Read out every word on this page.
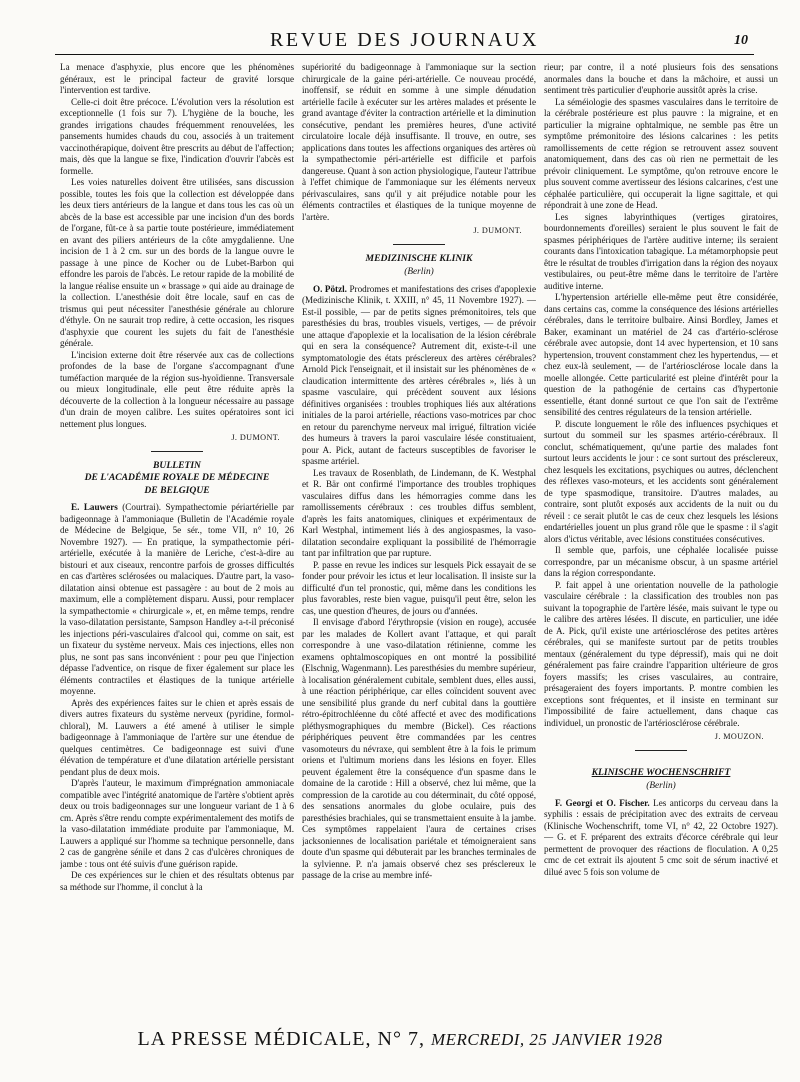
REVUE DES JOURNAUX	10

La menace d'asphyxie, plus encore que les phénomènes généraux, est le principal facteur de gravité lorsque l'intervention est tardive.

Celle-ci doit être précoce. L'évolution vers la résolution est exceptionnelle (1 fois sur 7). L'hygiène de la bouche, les grandes irrigations chaudes fréquemment renouvelées, les pansements humides chauds du cou, associés à un traitement vaccinothérapique, doivent être prescrits au début de l'affection; mais, dès que la langue se fixe, l'indication d'ouvrir l'abcès est formelle.

Les voies naturelles doivent être utilisées, sans discussion possible, toutes les fois que la collection est développée dans les deux tiers antérieurs de la langue et dans tous les cas où un abcès de la base est accessible par une incision d'un des bords de l'organe, fût-ce à sa partie toute postérieure, immédiatement en avant des piliers antérieurs de la côte amygdalienne. Une incision de 1 à 2 cm. sur un des bords de la langue ouvre le passage à une pince de Kocher ou de Lubet-Barbon qui effondre les parois de l'abcès. Le retour rapide de la mobilité de la langue réalise ensuite un « brassage » qui aide au drainage de la collection. L'anesthésie doit être locale, sauf en cas de trismus qui peut nécessiter l'anesthésie générale au chlorure d'éthyle. On ne saurait trop redire, à cette occasion, les risques d'asphyxie que courent les sujets du fait de l'anesthésie générale.

L'incision externe doit être réservée aux cas de collections profondes de la base de l'organe s'accompagnant d'une tuméfaction marquée de la région sus-hyoïdienne. Transversale ou mieux longitudinale, elle peut être réduite après la découverte de la collection à la longueur nécessaire au passage d'un drain de moyen calibre. Les suites opératoires sont ici nettement plus longues.

J. DUMONT.
BULLETIN
DE L'ACADÉMIE ROYALE DE MÉDECINE
DE BELGIQUE

E. Lauwers (Courtrai). Sympathectomie périartérielle par badigeonnage à l'ammoniaque (Bulletin de l'Académie royale de Médecine de Belgique, 5e sér., tome VII, n° 10, 26 Novembre 1927). — En pratique, la sympathectomie péri-artérielle, exécutée à la manière de Leriche, c'est-à-dire au bistouri et aux ciseaux, rencontre parfois de grosses difficultés en cas d'artères sclérosées ou malaciques. D'autre part, la vaso-dilatation ainsi obtenue est passagère : au bout de 2 mois au maximum, elle a complètement disparu. Aussi, pour remplacer la sympathectomie « chirurgicale », et, en même temps, rendre la vaso-dilatation persistante, Sampson Handley a-t-il préconisé les injections péri-vasculaires d'alcool qui, comme on sait, est un fixateur du système nerveux. Mais ces injections, elles non plus, ne sont pas sans inconvénient : pour peu que l'injection dépasse l'adventice, on risque de fixer également sur place les éléments contractiles et élastiques de la tunique artérielle moyenne.

Après des expériences faites sur le chien et après essais de divers autres fixateurs du système nerveux (pyridine, formol-chloral), M. Lauwers a été amené à utiliser le simple badigeonnage à l'ammoniaque de l'artère sur une étendue de quelques centimètres. Ce badigeonnage est suivi d'une élévation de température et d'une dilatation artérielle persistant pendant plus de deux mois.

D'après l'auteur, le maximum d'imprégnation ammoniacale compatible avec l'intégrité anatomique de l'artère s'obtient après deux ou trois badigeonnages sur une longueur variant de 1 à 6 cm. Après s'être rendu compte expérimentalement des motifs de la vaso-dilatation immédiate produite par l'ammoniaque, M. Lauwers a appliqué sur l'homme sa technique personnelle, dans 2 cas de gangrène sénile et dans 2 cas d'ulcères chroniques de jambe : tous ont été suivis d'une guérison rapide.

De ces expériences sur le chien et des résultats obtenus par sa méthode sur l'homme, il conclut à la

supériorité du badigeonnage à l'ammoniaque sur la section chirurgicale de la gaine péri-artérielle. Ce nouveau procédé, inoffensif, se réduit en somme à une simple dénudation artérielle facile à exécuter sur les artères malades et présente le grand avantage d'éviter la contraction artérielle et la diminution consécutive, pendant les premières heures, d'une activité circulatoire locale déjà insuffisante. Il trouve, en outre, ses applications dans toutes les affections organiques des artères où la sympathectomie péri-artérielle est difficile et parfois dangereuse. Quant à son action physiologique, l'auteur l'attribue à l'effet chimique de l'ammoniaque sur les éléments nerveux périvasculaires, sans qu'il y ait préjudice notable pour les éléments contractiles et élastiques de la tunique moyenne de l'artère.

J. DUMONT.
MEDIZINISCHE KLINIK
(Berlin)

O. Pötzl. Prodromes et manifestations des crises d'apoplexie (Medizinische Klinik, t. XXIII, n° 45, 11 Novembre 1927). — Est-il possible, — par de petits signes prémonitoires, tels que paresthésies du bras, troubles visuels, vertiges, — de prévoir une attaque d'apoplexie et la localisation de la lésion cérébrale qui en sera la conséquence? Autrement dit, existe-t-il une symptomatologie des états présclereux des artères cérébrales? Arnold Pick l'enseignait, et il insistait sur les phénomènes de « claudication intermittente des artères cérébrales », liés à un spasme vasculaire, qui précèdent souvent aux lésions définitives organisées : troubles trophiques liés aux altérations initiales de la paroi artérielle, réactions vaso-motrices par choc en retour du parenchyme nerveux mal irrigué, filtration viciée des humeurs à travers la paroi vasculaire lésée constituaient, pour A. Pick, autant de facteurs susceptibles de favoriser le spasme artériel.

Les travaux de Rosenblath, de Lindemann, de K. Westphal et R. Bär ont confirmé l'importance des troubles trophiques vasculaires diffus dans les hémorragies comme dans les ramollissements cérébraux : ces troubles diffus semblent, d'après les faits anatomiques, cliniques et expérimentaux de Karl Westphal, intimement liés à des angiospasmes, la vaso-dilatation secondaire expliquant la possibilité de l'hémorragie tant par infiltration que par rupture.

P. passe en revue les indices sur lesquels Pick essayait de se fonder pour prévoir les ictus et leur localisation. Il insiste sur la difficulté d'un tel pronostic, qui, même dans les conditions les plus favorables, reste bien vague, puisqu'il peut être, selon les cas, une question d'heures, de jours ou d'années.

Il envisage d'abord l'érythropsie (vision en rouge), accusée par les malades de Kollert avant l'attaque, et qui paraît correspondre à une vaso-dilatation rétinienne, comme les examens ophtalmoscopiques en ont montré la possibilité (Elschnig, Wagenmann). Les paresthésies du membre supérieur, à localisation généralement cubitale, semblent dues, elles aussi, à une réaction périphérique, car elles coïncident souvent avec une sensibilité plus grande du nerf cubital dans la gouttière rétro-épitrochléenne du côté affecté et avec des modifications pléthysmographiques du membre (Bickel). Ces réactions périphériques peuvent être commandées par les centres vasomoteurs du névraxe, qui semblent être à la fois le primum oriens et l'ultimum moriens dans les lésions en foyer. Elles peuvent également être la conséquence d'un spasme dans le domaine de la carotide : Hill a observé, chez lui même, que la compression de la carotide au cou déterminait, du côté opposé, des sensations anormales du globe oculaire, puis des paresthésies brachiales, qui se transmettaient ensuite à la jambe. Ces symptômes rappelaient l'aura de certaines crises jacksoniennes de localisation pariétale et témoigneraient sans doute d'un spasme qui débuterait par les branches terminales de la sylvienne. P. n'a jamais observé chez ses présclereux le passage de la crise au membre infé-

rieur; par contre, il a noté plusieurs fois des sensations anormales dans la bouche et dans la mâchoire, et aussi un sentiment très particulier d'euphorie aussitôt après la crise.

La séméiologie des spasmes vasculaires dans le territoire de la cérébrale postérieure est plus pauvre : la migraine, et en particulier la migraine ophtalmique, ne semble pas être un symptôme prémonitoire des lésions calcarines : les petits ramollissements de cette région se retrouvent assez souvent anatomiquement, dans des cas où rien ne permettait de les prévoir cliniquement. Le symptôme, qu'on retrouve encore le plus souvent comme avertisseur des lésions calcarines, c'est une céphalée particulière, qui occuperait la ligne sagittale, et qui répondrait à une zone de Head.

Les signes labyrinthiques (vertiges giratoires, bourdonnements d'oreilles) seraient le plus souvent le fait de spasmes périphériques de l'artère auditive interne; ils seraient courants dans l'intoxication tabagique. La métamorphopsie peut être le résultat de troubles d'irrigation dans la région des noyaux vestibulaires, ou peut-être même dans le territoire de l'artère auditive interne.

L'hypertension artérielle elle-même peut être considérée, dans certains cas, comme la conséquence des lésions artérielles cérébrales, dans le territoire bulbaire. Ainsi Bordley, James et Baker, examinant un matériel de 24 cas d'artério-sclérose cérébrale avec autopsie, dont 14 avec hypertension, et 10 sans hypertension, trouvent constamment chez les hypertendus, — et chez eux-là seulement, — de l'artériosclérose locale dans la moelle allongée. Cette particularité est pleine d'intérêt pour la question de la pathogénie de certains cas d'hypertonie essentielle, étant donné surtout ce que l'on sait de l'extrême sensibilité des centres régulateurs de la tension artérielle.

P. discute longuement le rôle des influences psychiques et surtout du sommeil sur les spasmes artério-cérébraux. Il conclut, schématiquement, qu'une partie des malades font surtout leurs accidents le jour : ce sont surtout des présclereux, chez lesquels les excitations, psychiques ou autres, déclenchent des réflexes vaso-moteurs, et les accidents sont généralement de type spasmodique, transitoire. D'autres malades, au contraire, sont plutôt exposés aux accidents de la nuit ou du réveil : ce serait plutôt le cas de ceux chez lesquels les lésions endartérielles jouent un plus grand rôle que le spasme : il s'agit alors d'ictus véritable, avec lésions constituées consécutives.

Il semble que, parfois, une céphalée localisée puisse correspondre, par un mécanisme obscur, à un spasme artériel dans la région correspondante.

P. fait appel à une orientation nouvelle de la pathologie vasculaire cérébrale : la classification des troubles non pas suivant la topographie de l'artère lésée, mais suivant le type ou le calibre des artères lésées. Il discute, en particulier, une idée de A. Pick, qu'il existe une artériosclérose des petites artères cérébrales, qui se manifeste surtout par de petits troubles mentaux (généralement du type dépressif), mais qui ne doit généralement pas faire craindre l'apparition ultérieure de gros foyers massifs; les crises vasculaires, au contraire, présageraient des foyers importants. P. montre combien les exceptions sont fréquentes, et il insiste en terminant sur l'impossibilité de faire actuellement, dans chaque cas individuel, un pronostic de l'artériosclérose cérébrale.

J. MOUZON.
KLINISCHE WOCHENSCHRIFT
(Berlin)

F. Georgi et O. Fischer. Les anticorps du cerveau dans la syphilis : essais de précipitation avec des extraits de cerveau (Klinische Wochenschrift, tome VI, n° 42, 22 Octobre 1927). — G. et F. préparent des extraits d'écorce cérébrale qui leur permettent de provoquer des réactions de floculation. A 0,25 cmc de cet extrait ils ajoutent 5 cmc soit de sérum inactivé et dilué avec 5 fois son volume de

LA PRESSE MÉDICALE, N° 7, MERCREDI, 25 JANVIER 1928
